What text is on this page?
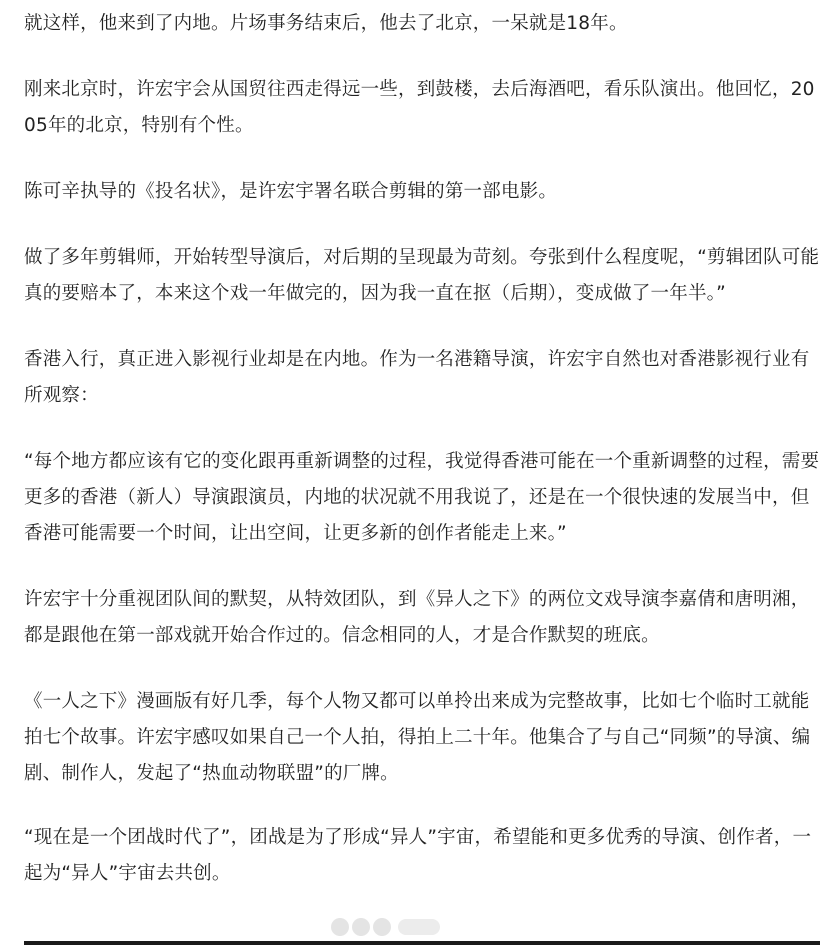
就这样，他来到了内地。片场事务结束后，他去了北京，一呆就是18年。

刚来北京时，许宏宇会从国贸往西走得远一些，到鼓楼，去后海酒吧，看乐队演出。他回忆，2005年的北京，特别有个性。

陈可辛执导的《投名状》，是许宏宇署名联合剪辑的第一部电影。

做了多年剪辑师，开始转型导演后，对后期的呈现最为苛刻。夸张到什么程度呢，“剪辑团队可能真的要赔本了，本来这个戏一年做完的，因为我一直在抠（后期），变成做了一年半。”

香港入行，真正进入影视行业却是在内地。作为一名港籍导演，许宏宇自然也对香港影视行业有所观察：

“每个地方都应该有它的变化跟再重新调整的过程，我觉得香港可能在一个重新调整的过程，需要更多的香港（新人）导演跟演员，内地的状况就不用我说了，还是在一个很快速的发展当中，但香港可能需要一个时间，让出空间，让更多新的创作者能走上来。”

许宏宇十分重视团队间的默契，从特效团队，到《异人之下》的两位文戏导演李嘉倩和唐明湘，都是跟他在第一部戏就开始合作过的。信念相同的人，才是合作默契的班底。

《一人之下》漫画版有好几季，每个人物又都可以单拎出来成为完整故事，比如七个临时工就能拍七个故事。许宏宇感叹如果自己一个人拍，得拍上二十年。他集合了与自己“同频”的导演、编剧、制作人，发起了“热血动物联盟”的厂牌。

“现在是一个团战时代了”，团战是为了形成“异人”宇宙，希望能和更多优秀的导演、创作者，一起为“异人”宇宙去共创。
